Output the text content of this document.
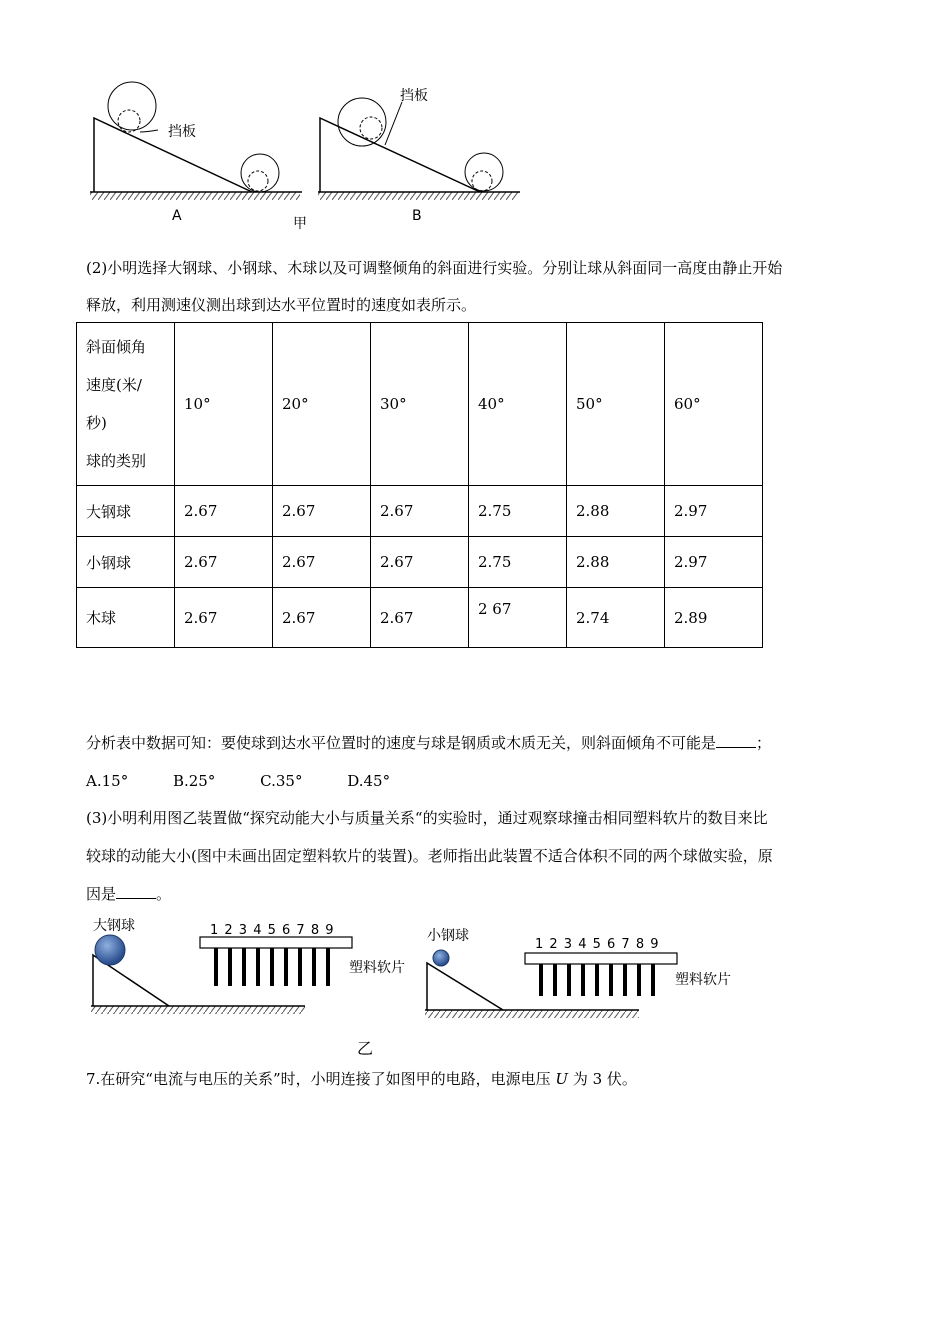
挡板
A
挡板
B
甲
(2)小明选择大钢球、小钢球、木球以及可调整倾角的斜面进行实验。分别让球从斜面同一高度由静止开始
释放，利用测速仪测出球到达水平位置时的速度如表所示。
斜面倾角
速度(米/
秒)
球的类别	10°	20°	30°	40°	50°	60°
大钢球	2.67	2.67	2.67	2.75	2.88	2.97
小钢球	2.67	2.67	2.67	2.75	2.88	2.97
木球	2.67	2.67	2.67	2 67	2.74	2.89
分析表中数据可知：要使球到达水平位置时的速度与球是钢质或木质无关，则斜面倾角不可能是	；
A.15°	B.25°	C.35°	D.45°
(3)小明利用图乙装置做“探究动能大小与质量关系“的实验时，通过观察球撞击相同塑料软片的数目来比
较球的动能大小(图中未画出固定塑料软片的装置)。老师指出此装置不适合体积不同的两个球做实验，原
因是	。
大钢球	1 2 3 4 5 6 7 8 9
塑料软片
小钢球
1 2 3 4 5 6 7 8 9
塑料软片
乙
7.在研究“电流与电压的关系”时，小明连接了如图甲的电路，电源电压 U 为 3 伏。
